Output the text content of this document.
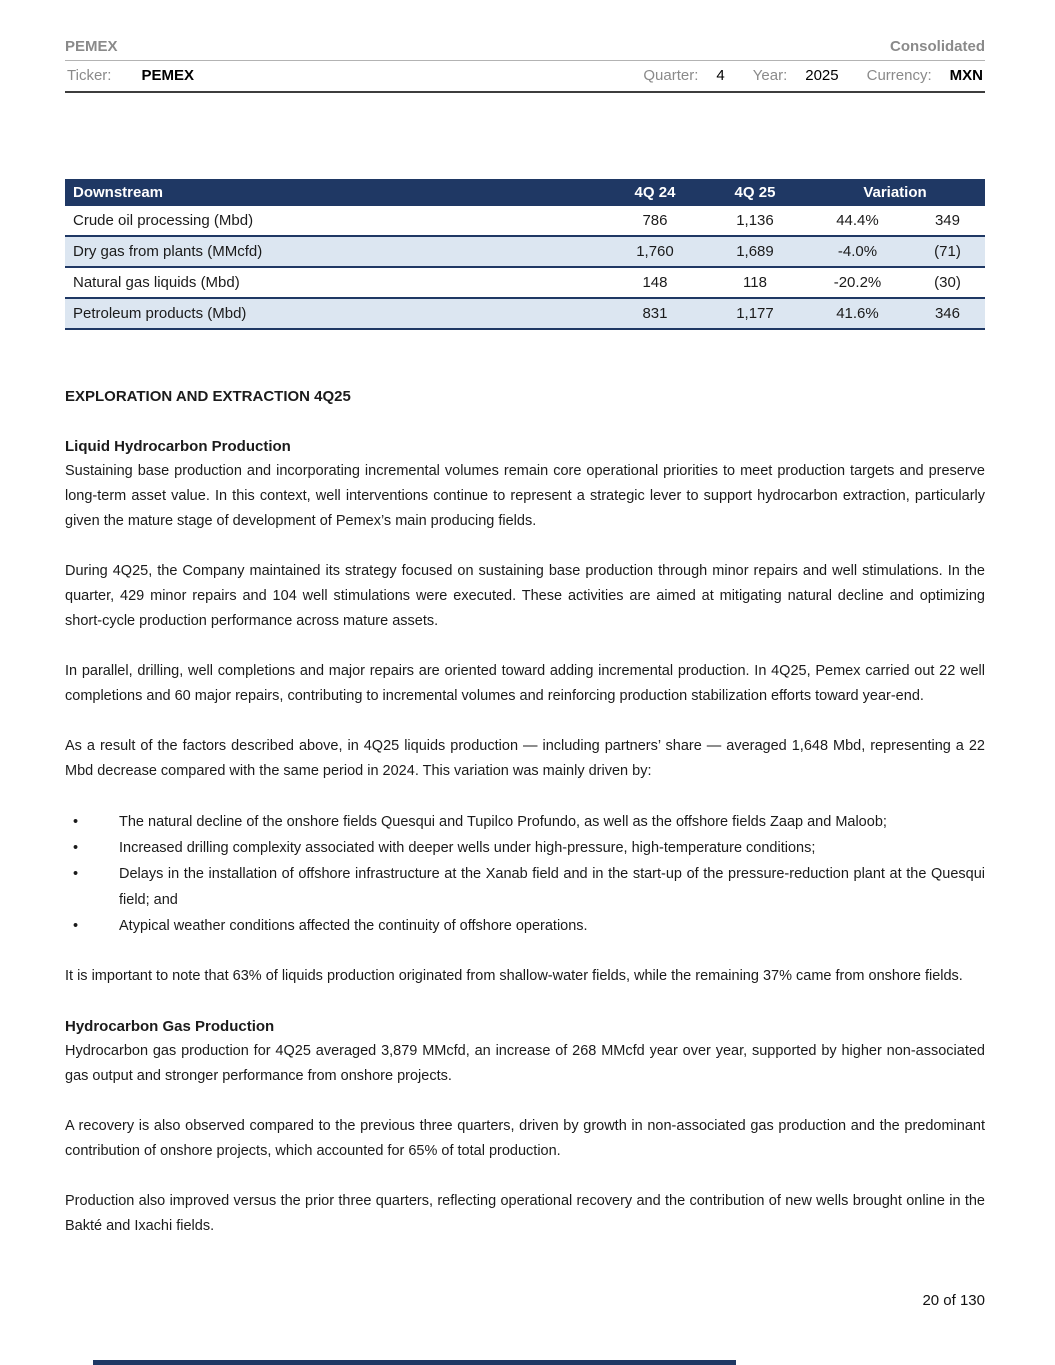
PEMEX	Consolidated
Ticker: PEMEX	Quarter: 4 Year: 2025 Currency: MXN
Downstream	4Q 24	4Q 25	Variation	
Crude oil processing (Mbd)	786	1,136	44.4%	349
Dry gas from plants (MMcfd)	1,760	1,689	-4.0%	(71)
Natural gas liquids (Mbd)	148	118	-20.2%	(30)
Petroleum products (Mbd)	831	1,177	41.6%	346
EXPLORATION AND EXTRACTION 4Q25
Liquid Hydrocarbon Production

Sustaining base production and incorporating incremental volumes remain core operational priorities to meet production targets and preserve long-term asset value. In this context, well interventions continue to represent a strategic lever to support hydrocarbon extraction, particularly given the mature stage of development of Pemex’s main producing fields.

During 4Q25, the Company maintained its strategy focused on sustaining base production through minor repairs and well stimulations. In the quarter, 429 minor repairs and 104 well stimulations were executed. These activities are aimed at mitigating natural decline and optimizing short-cycle production performance across mature assets.

In parallel, drilling, well completions and major repairs are oriented toward adding incremental production. In 4Q25, Pemex carried out 22 well completions and 60 major repairs, contributing to incremental volumes and reinforcing production stabilization efforts toward year-end.

As a result of the factors described above, in 4Q25 liquids production — including partners’ share — averaged 1,648 Mbd, representing a 22 Mbd decrease compared with the same period in 2024. This variation was mainly driven by:

•	The natural decline of the onshore fields Quesqui and Tupilco Profundo, as well as the offshore fields Zaap and Maloob;
•	Increased drilling complexity associated with deeper wells under high-pressure, high-temperature conditions;
•	Delays in the installation of offshore infrastructure at the Xanab field and in the start-up of the pressure-reduction plant at the Quesqui field; and
•	Atypical weather conditions affected the continuity of offshore operations.

It is important to note that 63% of liquids production originated from shallow-water fields, while the remaining 37% came from onshore fields.

Hydrocarbon Gas Production

Hydrocarbon gas production for 4Q25 averaged 3,879 MMcfd, an increase of 268 MMcfd year over year, supported by higher non-associated gas output and stronger performance from onshore projects.

A recovery is also observed compared to the previous three quarters, driven by growth in non-associated gas production and the predominant contribution of onshore projects, which accounted for 65% of total production.

Production also improved versus the prior three quarters, reflecting operational recovery and the contribution of new wells brought online in the Bakté and Ixachi fields.

20 of 130
